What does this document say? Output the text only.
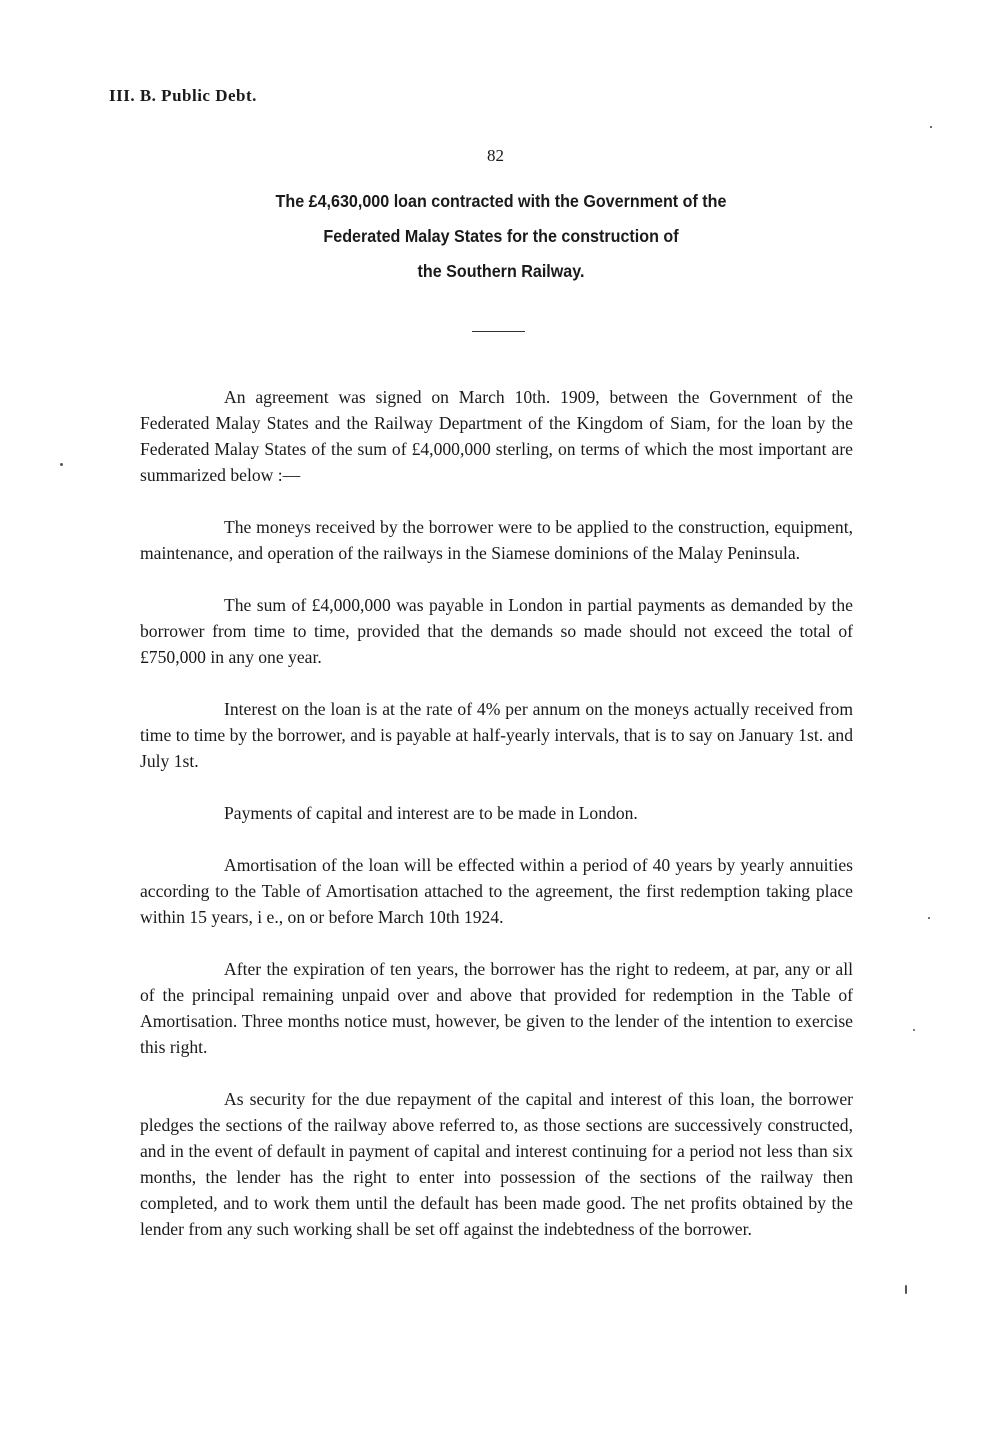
III. B. Public Debt.
82
The £4,630,000 loan contracted with the Government of the
Federated Malay States for the construction of
the Southern Railway.

An agreement was signed on March 10th. 1909, between the Government of the Federated Malay States and the Railway Department of the Kingdom of Siam, for the loan by the Federated Malay States of the sum of £4,000,000 sterling, on terms of which the most important are summarized below :—

The moneys received by the borrower were to be applied to the construction, equipment, maintenance, and operation of the railways in the Siamese dominions of the Malay Peninsula.

The sum of £4,000,000 was payable in London in partial payments as demanded by the borrower from time to time, provided that the demands so made should not exceed the total of £750,000 in any one year.

Interest on the loan is at the rate of 4% per annum on the moneys actually received from time to time by the borrower, and is payable at half-yearly intervals, that is to say on January 1st. and July 1st.

Payments of capital and interest are to be made in London.

Amortisation of the loan will be effected within a period of 40 years by yearly annuities according to the Table of Amortisation attached to the agreement, the first redemption taking place within 15 years, i e., on or before March 10th 1924.

After the expiration of ten years, the borrower has the right to redeem, at par, any or all of the principal remaining unpaid over and above that provided for redemption in the Table of Amortisation. Three months notice must, however, be given to the lender of the intention to exercise this right.

As security for the due repayment of the capital and interest of this loan, the borrower pledges the sections of the railway above referred to, as those sections are successively constructed, and in the event of default in payment of capital and interest continuing for a period not less than six months, the lender has the right to enter into possession of the sections of the railway then completed, and to work them until the default has been made good. The net profits obtained by the lender from any such working shall be set off against the indebtedness of the borrower.
